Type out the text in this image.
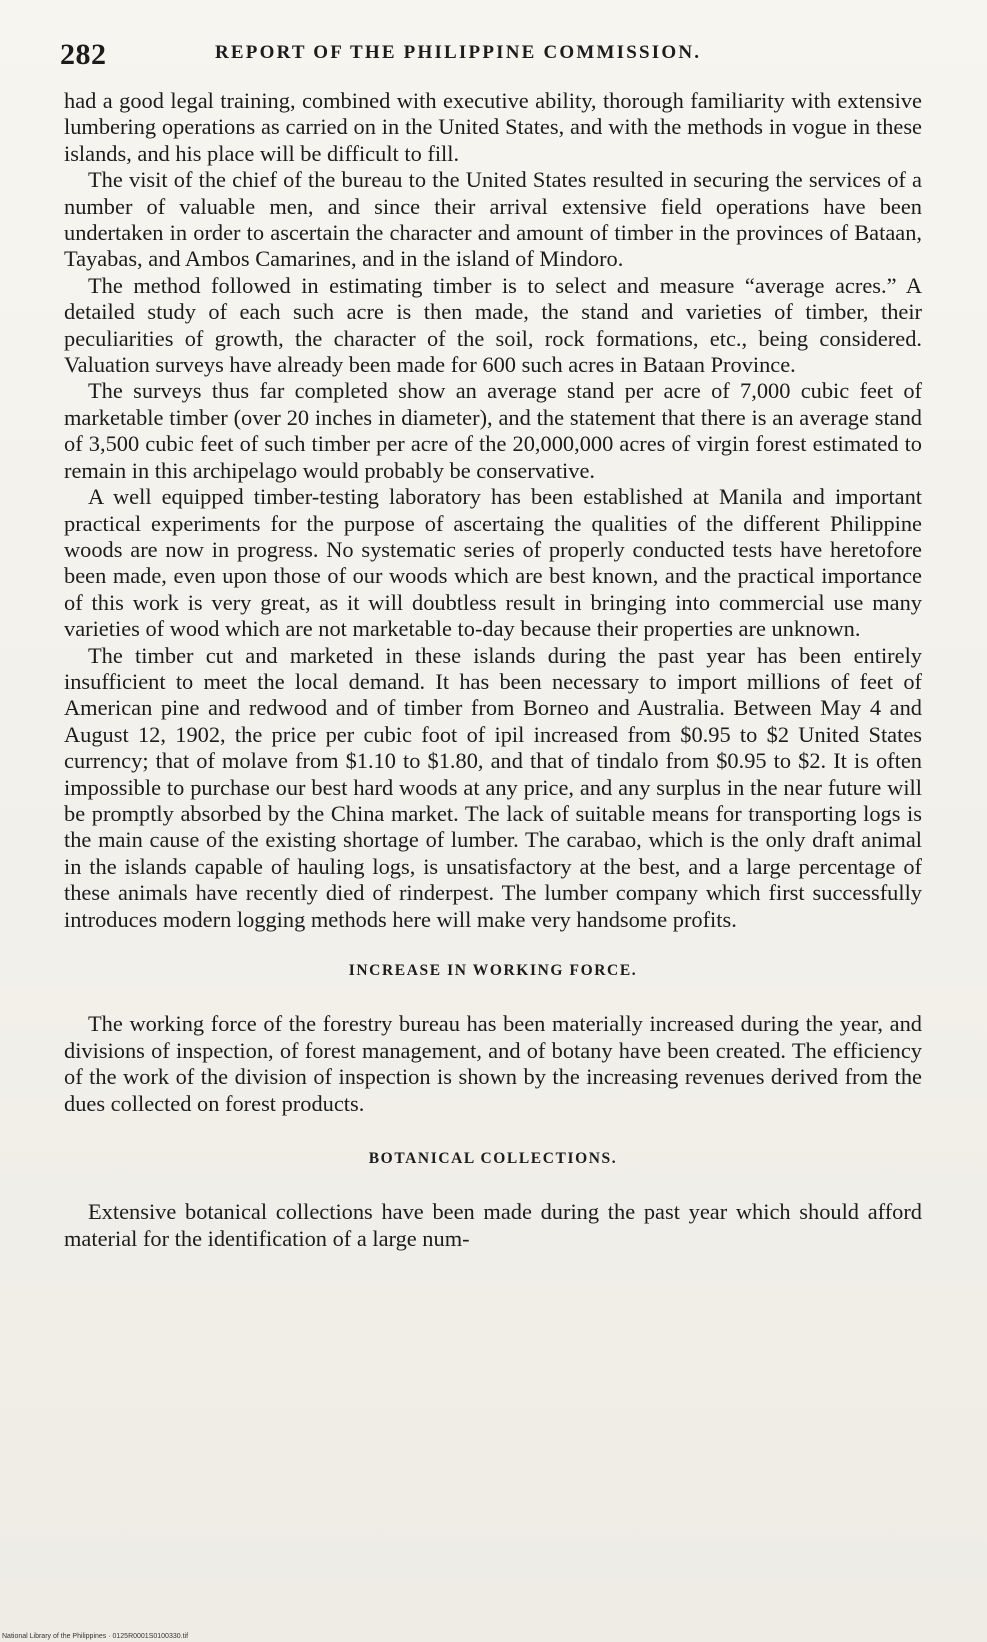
282	REPORT OF THE PHILIPPINE COMMISSION.

had a good legal training, combined with executive ability, thorough familiarity with extensive lumbering operations as carried on in the United States, and with the methods in vogue in these islands, and his place will be difficult to fill.

The visit of the chief of the bureau to the United States resulted in securing the services of a number of valuable men, and since their arrival extensive field operations have been undertaken in order to ascertain the character and amount of timber in the provinces of Bataan, Tayabas, and Ambos Camarines, and in the island of Mindoro.

The method followed in estimating timber is to select and measure “average acres.” A detailed study of each such acre is then made, the stand and varieties of timber, their peculiarities of growth, the character of the soil, rock formations, etc., being considered. Valuation surveys have already been made for 600 such acres in Bataan Province.

The surveys thus far completed show an average stand per acre of 7,000 cubic feet of marketable timber (over 20 inches in diameter), and the statement that there is an average stand of 3,500 cubic feet of such timber per acre of the 20,000,000 acres of virgin forest estimated to remain in this archipelago would probably be conservative.

A well equipped timber-testing laboratory has been established at Manila and important practical experiments for the purpose of ascertaing the qualities of the different Philippine woods are now in progress. No systematic series of properly conducted tests have heretofore been made, even upon those of our woods which are best known, and the practical importance of this work is very great, as it will doubtless result in bringing into commercial use many varieties of wood which are not marketable to-day because their properties are unknown.

The timber cut and marketed in these islands during the past year has been entirely insufficient to meet the local demand. It has been necessary to import millions of feet of American pine and redwood and of timber from Borneo and Australia. Between May 4 and August 12, 1902, the price per cubic foot of ipil increased from $0.95 to $2 United States currency; that of molave from $1.10 to $1.80, and that of tindalo from $0.95 to $2. It is often impossible to purchase our best hard woods at any price, and any surplus in the near future will be promptly absorbed by the China market. The lack of suitable means for transporting logs is the main cause of the existing shortage of lumber. The carabao, which is the only draft animal in the islands capable of hauling logs, is unsatisfactory at the best, and a large percentage of these animals have recently died of rinderpest. The lumber company which first successfully introduces modern logging methods here will make very handsome profits.

INCREASE IN WORKING FORCE.

The working force of the forestry bureau has been materially increased during the year, and divisions of inspection, of forest management, and of botany have been created. The efficiency of the work of the division of inspection is shown by the increasing revenues derived from the dues collected on forest products.

BOTANICAL COLLECTIONS.

Extensive botanical collections have been made during the past year which should afford material for the identification of a large num-

National Library of the Philippines · 0125R0001S0100330.tif
